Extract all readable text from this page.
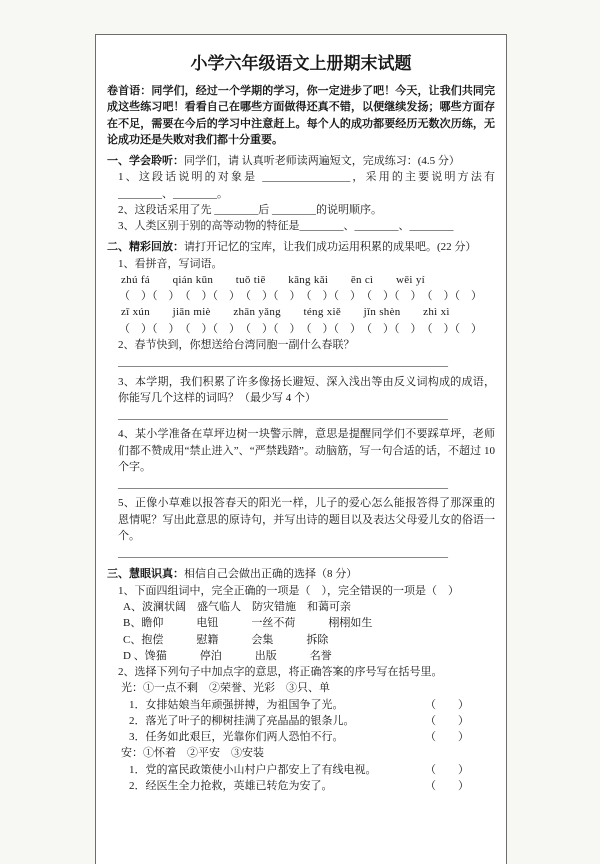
小学六年级语文上册期末试题

卷首语：同学们，经过一个学期的学习，你一定进步了吧！今天，让我们共同完成这些练习吧！看看自己在哪些方面做得还真不错，以便继续发扬；哪些方面存在不足，需要在今后的学习中注意赶上。每个人的成功都要经历无数次历练，无论成功还是失败对我们都十分重要。

一、学会聆听：同学们，请 认真听老师读两遍短文，完成练习：(4.5 分）

1、这段话说明的对象是 ________________，采用的主要说明方法有________、________。

2、这段话采用了先 ________后 ________的说明顺序。

3、人类区别于别的高等动物的特征是________、________、________

二、精彩回放：请打开记忆的宝库，让我们成功运用积累的成果吧。(22 分）

1、看拼音，写词语。

zhú fá　　qián kūn　　tuǒ tiē　　kāng kǎi　　ēn cì　　wēi yí

（　）（　）　（　）（　）　（　）（　）　（　）（　）　（　）（　）　（　）（　）

zī xún　　jiān miè　　zhān yǎng　　téng xiě　　jǐn shèn　　zhì xì

（　）（　）　（　）（　）　（　）（　）　（　）（　）　（　）（　）　（　）（　）

2、春节快到，你想送给台湾同胞一副什么春联？

____________________________________________________________

3、本学期，我们积累了许多像扬长避短、深入浅出等由反义词构成的成语，你能写几个这样的词吗？（最少写 4 个）

____________________________________________________________

4、某小学准备在草坪边树一块警示牌，意思是提醒同学们不要踩草坪，老师们都不赞成用“禁止进入”、“严禁践踏”。动脑筋，写一句合适的话，不超过 10 个字。

____________________________________________________________

5、正像小草难以报答春天的阳光一样，儿子的爱心怎么能报答得了那深重的恩情呢？写出此意思的原诗句，并写出诗的题目以及表达父母爱儿女的俗语一个。

____________________________________________________________

三、慧眼识真：相信自己会做出正确的选择（8 分）

1、下面四组词中，完全正确的一项是（　），完全错误的一项是（　）

A、波澜状阔　盛气临人　防灾错施　和蔼可亲

B、瞻仰　　　电钮　　　一丝不荷　　　栩栩如生

C、抱偿　　　慰籍　　　会集　　　拆除

D 、馋猫　　　停泊　　　出版　　　名誉

2、选择下列句子中加点字的意思，将正确答案的序号写在括号里。

光：①一点不剩　②荣誉、光彩　③只、单

1．女排姑娘当年顽强拼搏，为祖国争了光。	（　　）

2．落光了叶子的柳树挂满了亮晶晶的银条儿。	（　　）

3．任务如此艰巨，光靠你们两人恐怕不行。	（　　）

安：①怀着　②平安　③安装

1．党的富民政策使小山村户户都安上了有线电视。	（　　）

2．经医生全力抢救，英雄已转危为安了。	（　　）
